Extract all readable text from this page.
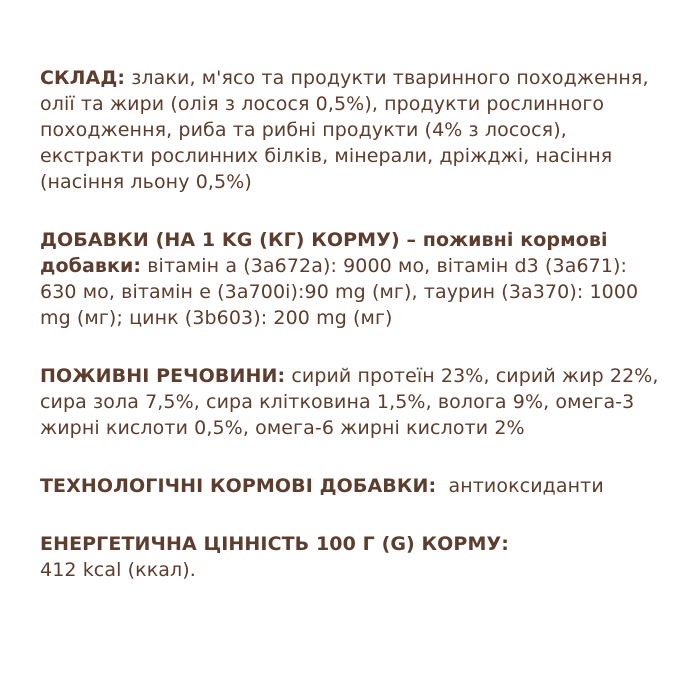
СКЛАД: злаки, м'ясо та продукти тваринного походження, олії та жири (олія з лосося 0,5%), продукти рослинного походження, риба та рибні продукти (4% з лосося), екстракти рослинних білків, мінерали, дріжджі, насіння (насіння льону 0,5%)

ДОБАВКИ (НА 1 KG (КГ) КОРМУ) – поживні кормові добавки: вітамін a (3a672a): 9000 мо, вітамін d3 (3a671): 630 мо, вітамін e (3a700i):90 mg (мг), таурин (3a370): 1000 mg (мг); цинк (3b603): 200 mg (мг)

ПОЖИВНІ РЕЧОВИНИ: сирий протеїн 23%, сирий жир 22%, сира зола 7,5%, сира клітковина 1,5%, волога 9%, омега-3 жирні кислоти 0,5%, омега-6 жирні кислоти 2%

ТЕХНОЛОГІЧНІ КОРМОВІ ДОБАВКИ:  антиоксиданти

ЕНЕРГЕТИЧНА ЦІННІСТЬ 100 Г (G) КОРМУ:
412 kcal (ккал).
